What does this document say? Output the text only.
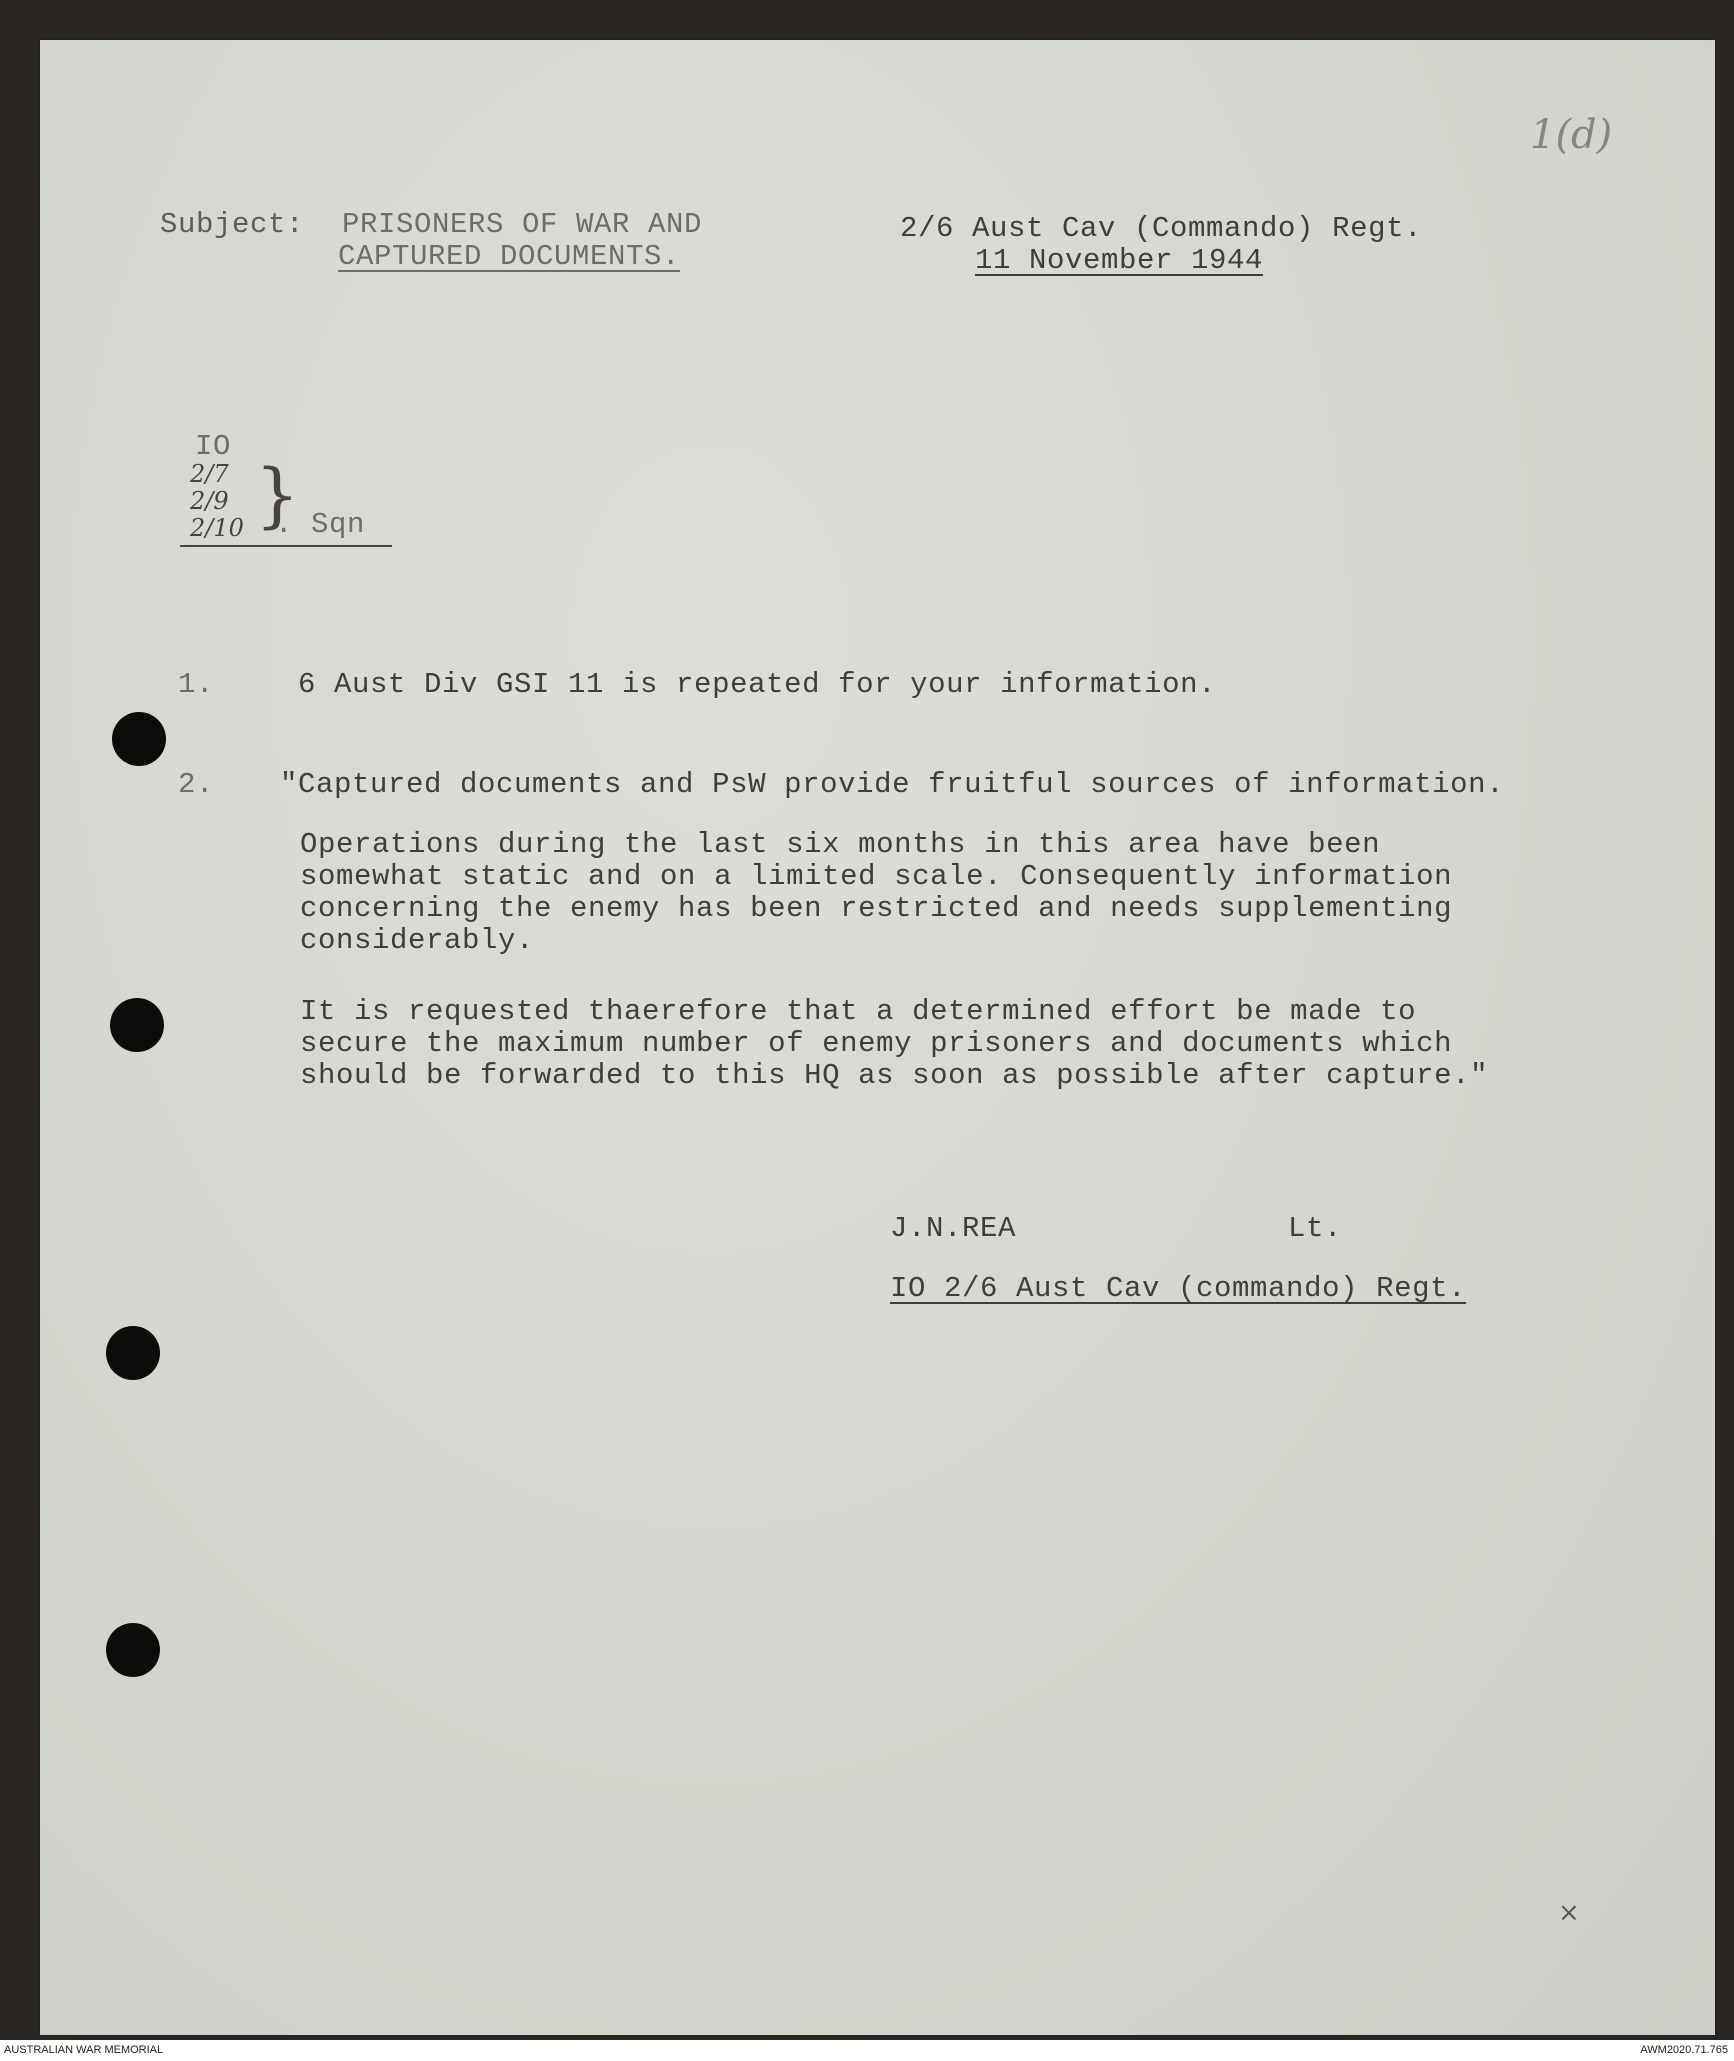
1(d)
Subject: PRISONERS OF WAR AND
CAPTURED DOCUMENTS.
2/6 Aust Cav (Commando) Regt.
11 November 1944
IO
2/7
2/9
2/10 }
. Sqn
1.	6 Aust Div GSI 11 is repeated for your information.
2. "Captured documents and PsW provide fruitful sources of information.
Operations during the last six months in this area have been
somewhat static and on a limited scale. Consequently information
concerning the enemy has been restricted and needs supplementing
considerably.
It is requested thaerefore that a determined effort be made to
secure the maximum number of enemy prisoners and documents which
should be forwarded to this HQ as soon as possible after capture."
J.N.REA	Lt.
IO 2/6 Aust Cav (commando) Regt.
×
AUSTRALIAN WAR MEMORIAL	AWM2020.71.765
